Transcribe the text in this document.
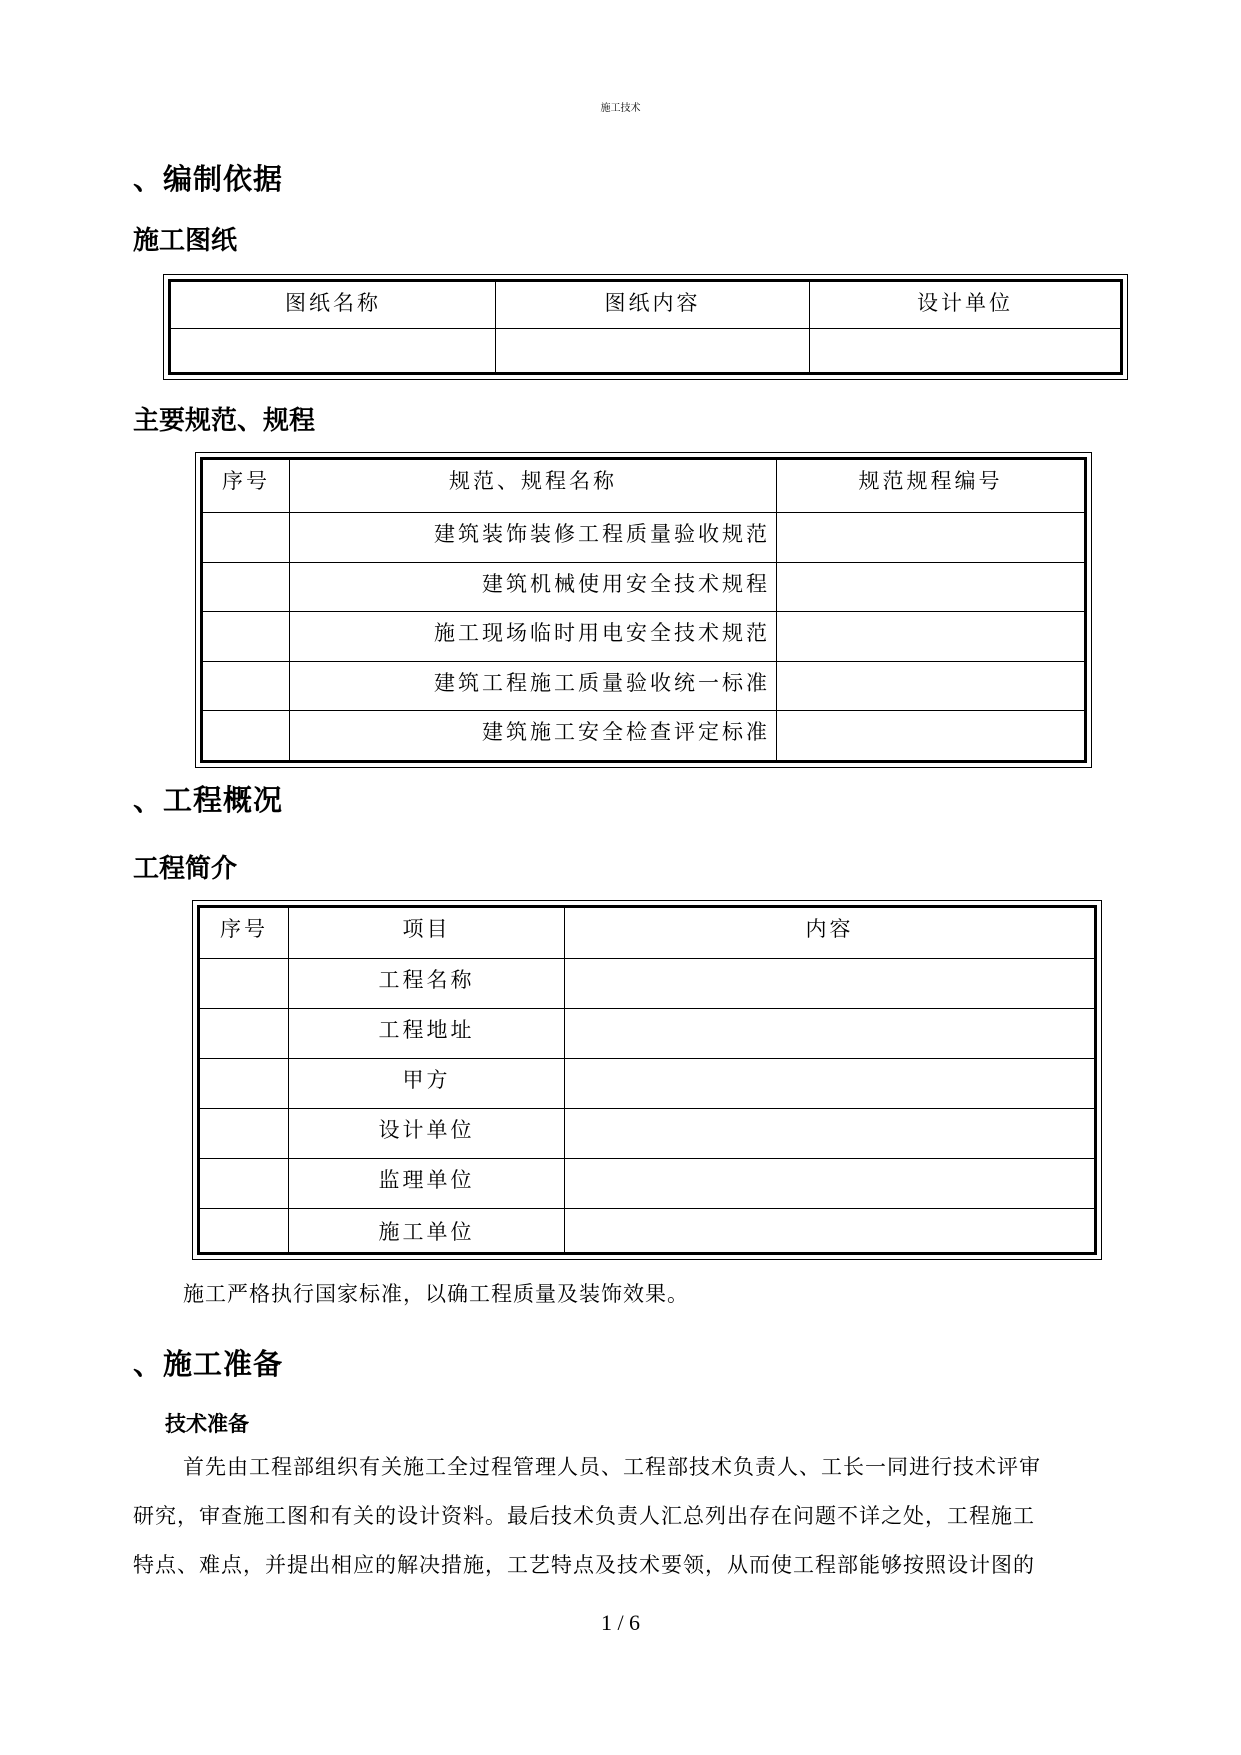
施工技术
、编制依据
施工图纸
图纸名称	图纸内容	设计单位

主要规范、规程
序号	规范、规程名称	规范规程编号
	建筑装饰装修工程质量验收规范	
	建筑机械使用安全技术规程	
	施工现场临时用电安全技术规范	
	建筑工程施工质量验收统一标准	
	建筑施工安全检查评定标准	
、工程概况
工程简介
序号	项目	内容
	工程名称	
	工程地址	
	甲方	
	设计单位	
	监理单位	
	施工单位	
施工严格执行国家标准，以确工程质量及装饰效果。
、施工准备
技术准备
首先由工程部组织有关施工全过程管理人员、工程部技术负责人、工长一同进行技术评审
研究，审查施工图和有关的设计资料。最后技术负责人汇总列出存在问题不详之处，工程施工
特点、难点，并提出相应的解决措施，工艺特点及技术要领，从而使工程部能够按照设计图的
1 / 6
